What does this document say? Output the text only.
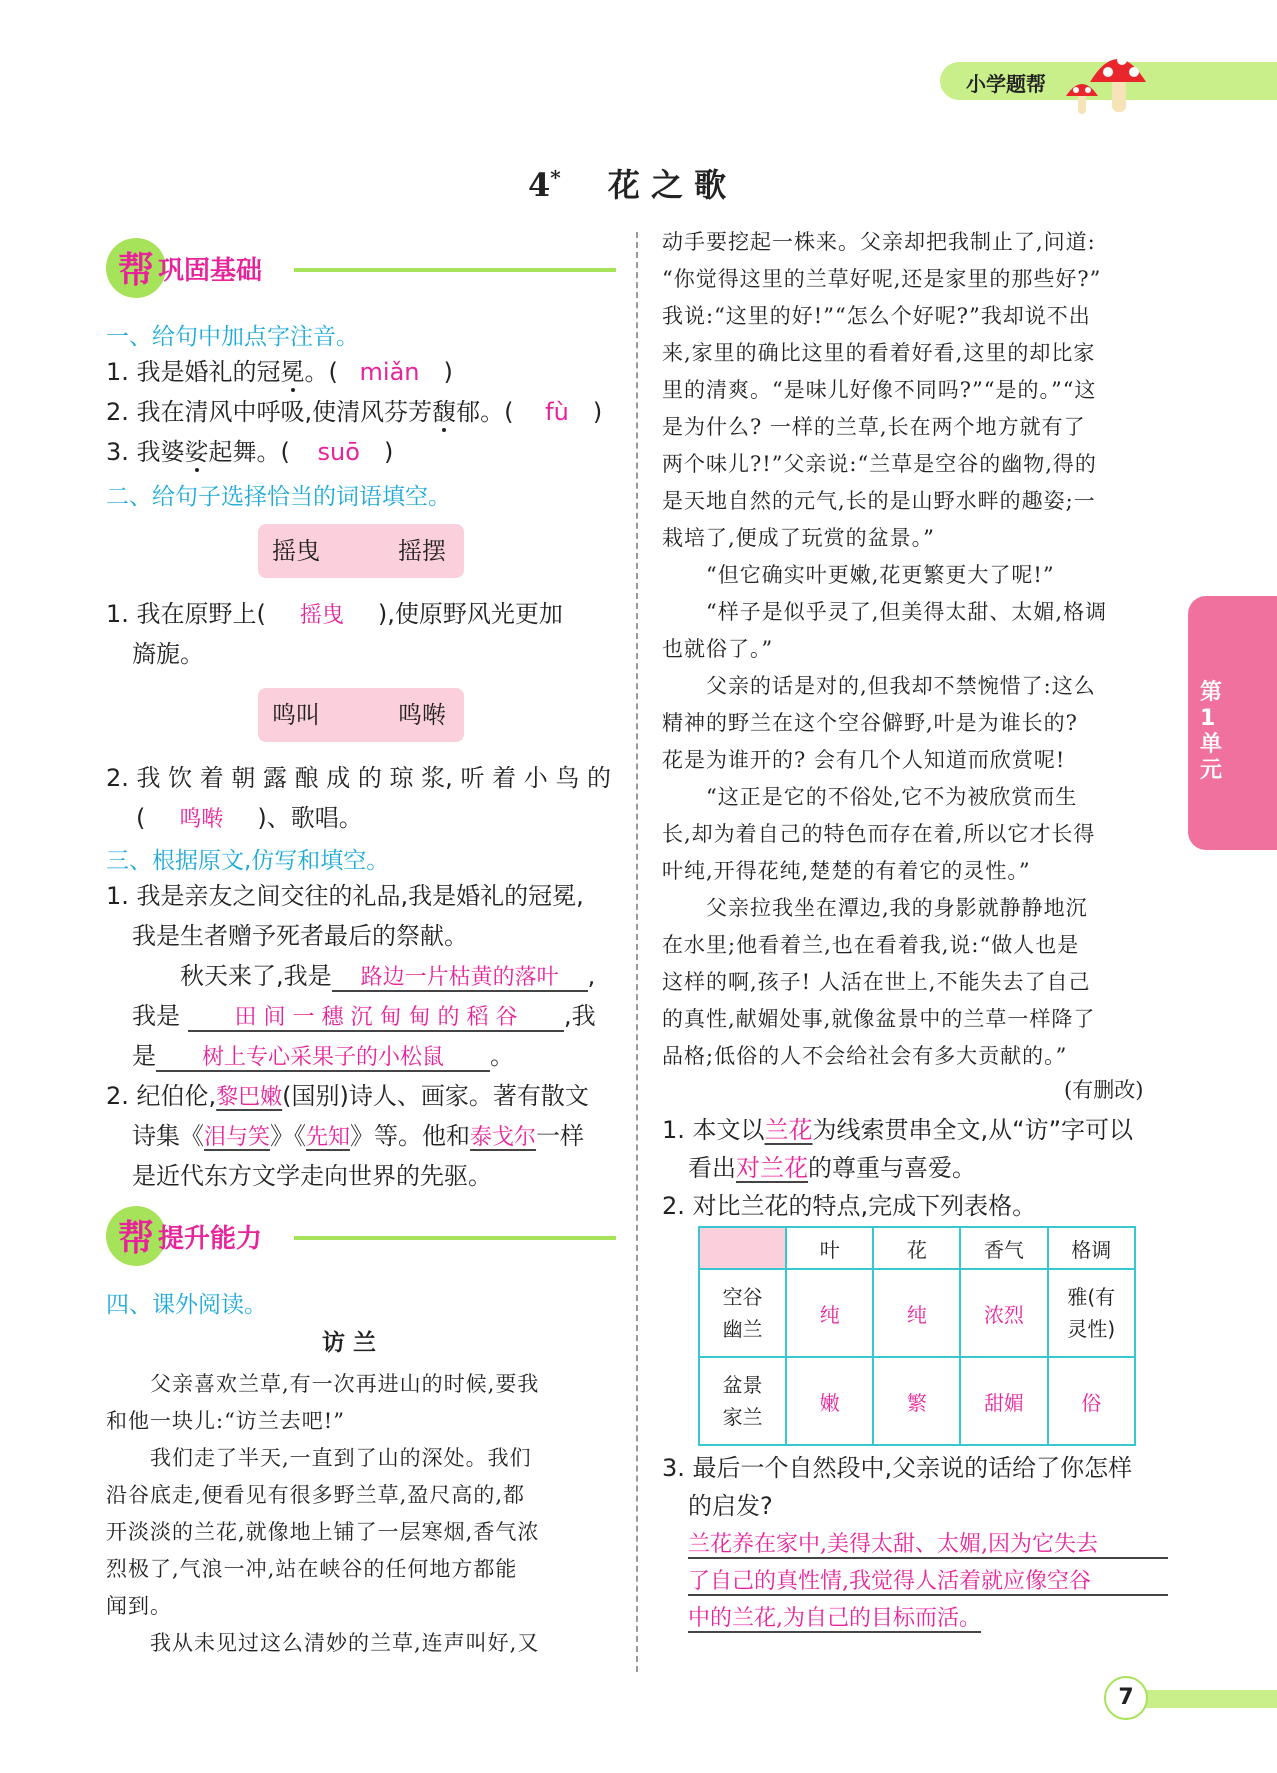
小学题帮
4* 花 之 歌
第1单元
帮 巩固基础
一、给句中加点字注音。
1. 我是婚礼的冠冕。( miǎn )
2. 我在清风中呼吸,使清风芬芳馥郁。( fù )
3. 我婆娑起舞。( suō )
二、给句子选择恰当的词语填空。
摇曳	摇摆
1. 我在原野上( 摇曳 ),使原野风光更加
旖旎。
鸣叫	鸣啭
2. 我 饮 着 朝 露 酿 成 的 琼 浆, 听 着 小 鸟 的
( 鸣啭 )、歌唱。
三、根据原文,仿写和填空。
1. 我是亲友之间交往的礼品,我是婚礼的冠冕,
我是生者赠予死者最后的祭献。
秋天来了,我是 路边一片枯黄的落叶 ,
我是 田 间 一 穗 沉 甸 甸 的 稻 谷 ,我
是 树上专心采果子的小松鼠 。
2. 纪伯伦,黎巴嫩(国别)诗人、画家。著有散文
诗集《泪与笑》《先知》等。他和泰戈尔一样
是近代东方文学走向世界的先驱。
帮 提升能力
四、课外阅读。
访 兰
　　父亲喜欢兰草,有一次再进山的时候,要我
和他一块儿:“访兰去吧!”
　　我们走了半天,一直到了山的深处。我们
沿谷底走,便看见有很多野兰草,盈尺高的,都
开淡淡的兰花,就像地上铺了一层寒烟,香气浓
烈极了,气浪一冲,站在峡谷的任何地方都能
闻到。
　　我从未见过这么清妙的兰草,连声叫好,又
动手要挖起一株来。父亲却把我制止了,问道:
“你觉得这里的兰草好呢,还是家里的那些好?”
我说:“这里的好!”“怎么个好呢?”我却说不出
来,家里的确比这里的看着好看,这里的却比家
里的清爽。“是味儿好像不同吗?”“是的。”“这
是为什么? 一样的兰草,长在两个地方就有了
两个味儿?!”父亲说:“兰草是空谷的幽物,得的
是天地自然的元气,长的是山野水畔的趣姿;一
栽培了,便成了玩赏的盆景。”
　　“但它确实叶更嫩,花更繁更大了呢!”
　　“样子是似乎灵了,但美得太甜、太媚,格调
也就俗了。”
　　父亲的话是对的,但我却不禁惋惜了:这么
精神的野兰在这个空谷僻野,叶是为谁长的?
花是为谁开的? 会有几个人知道而欣赏呢!
　　“这正是它的不俗处,它不为被欣赏而生
长,却为着自己的特色而存在着,所以它才长得
叶纯,开得花纯,楚楚的有着它的灵性。”
　　父亲拉我坐在潭边,我的身影就静静地沉
在水里;他看着兰,也在看着我,说:“做人也是
这样的啊,孩子! 人活在世上,不能失去了自己
的真性,献媚处事,就像盆景中的兰草一样降了
品格;低俗的人不会给社会有多大贡献的。”
(有删改)
1. 本文以兰花为线索贯串全文,从“访”字可以
看出对兰花的尊重与喜爱。
2. 对比兰花的特点,完成下列表格。
	叶	花	香气	格调
空谷
幽兰	纯	纯	浓烈	雅(有
灵性)
盆景
家兰	嫩	繁	甜媚	俗
3. 最后一个自然段中,父亲说的话给了你怎样
的启发?
兰花养在家中,美得太甜、太媚,因为它失去
了自己的真性情,我觉得人活着就应像空谷
中的兰花,为自己的目标而活。
7
